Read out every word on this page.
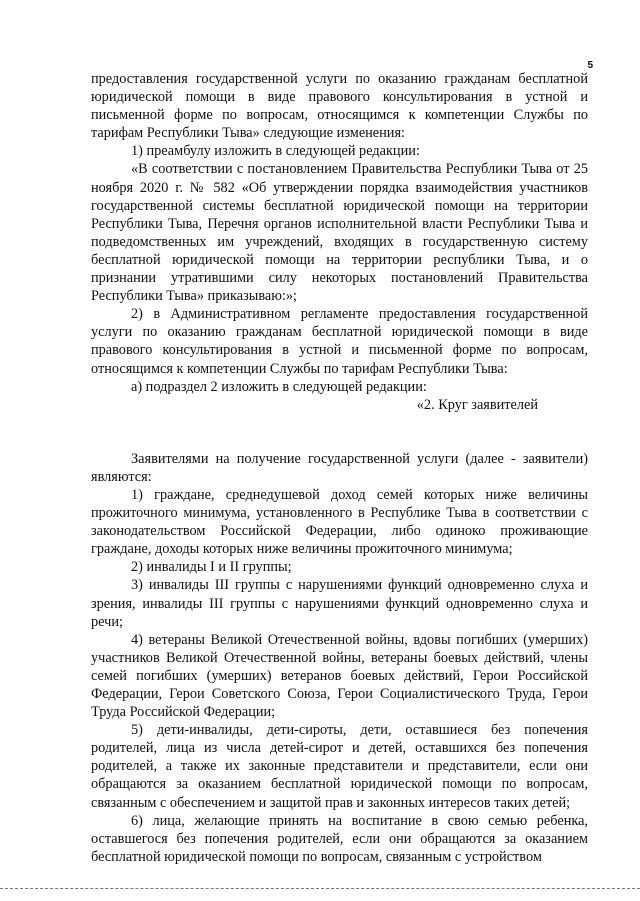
5

предоставления государственной услуги по оказанию гражданам бесплатной юридической помощи в виде правового консультирования в устной и письменной форме по вопросам, относящимся к компетенции Службы по тарифам Республики Тыва» следующие изменения:

1) преамбулу изложить в следующей редакции:

«В соответствии с постановлением Правительства Республики Тыва от 25 ноября 2020 г. № 582 «Об утверждении порядка взаимодействия участников государственной системы бесплатной юридической помощи на территории Республики Тыва, Перечня органов исполнительной власти Республики Тыва и подведомственных им учреждений, входящих в государственную систему бесплатной юридической помощи на территории республики Тыва, и о признании утратившими силу некоторых постановлений Правительства Республики Тыва» приказываю:»;

2) в Административном регламенте предоставления государственной услуги по оказанию гражданам бесплатной юридической помощи в виде правового консультирования в устной и письменной форме по вопросам, относящимся к компетенции Службы по тарифам Республики Тыва:

а) подраздел 2 изложить в следующей редакции:

«2. Круг заявителей

Заявителями на получение государственной услуги (далее - заявители) являются:

1) граждане, среднедушевой доход семей которых ниже величины прожиточного минимума, установленного в Республике Тыва в соответствии с законодательством Российской Федерации, либо одиноко проживающие граждане, доходы которых ниже величины прожиточного минимума;

2) инвалиды I и II группы;

3) инвалиды III группы с нарушениями функций одновременно слуха и зрения, инвалиды III группы с нарушениями функций одновременно слуха и речи;

4) ветераны Великой Отечественной войны, вдовы погибших (умерших) участников Великой Отечественной войны, ветераны боевых действий, члены семей погибших (умерших) ветеранов боевых действий, Герои Российской Федерации, Герои Советского Союза, Герои Социалистического Труда, Герои Труда Российской Федерации;

5) дети-инвалиды, дети-сироты, дети, оставшиеся без попечения родителей, лица из числа детей-сирот и детей, оставшихся без попечения родителей, а также их законные представители и представители, если они обращаются за оказанием бесплатной юридической помощи по вопросам, связанным с обеспечением и защитой прав и законных интересов таких детей;

6) лица, желающие принять на воспитание в свою семью ребенка, оставшегося без попечения родителей, если они обращаются за оказанием бесплатной юридической помощи по вопросам, связанным с устройством
